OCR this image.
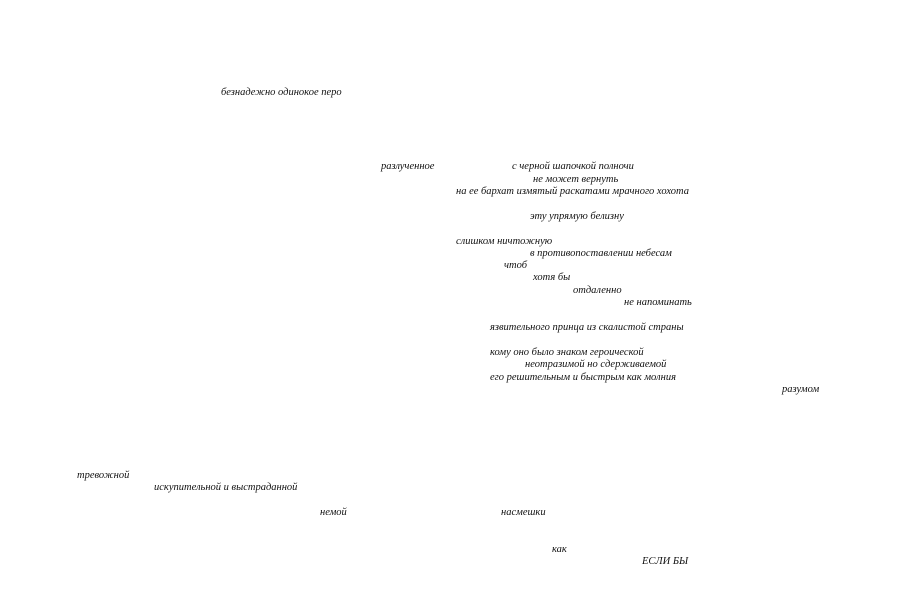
безнадежно одинокое перо
разлученное	с черной шапочкой полночи
не может вернуть
на ее бархат измятый раскатами мрачного хохота
эту упрямую белизну
слишком ничтожную
в противопоставлении небесам
чтоб
хотя бы
отдаленно
не напоминать
язвительного принца из скалистой страны
кому оно было знаком героической
неотразимой но сдерживаемой
его решительным и быстрым как молния
разумом
тревожной
искупительной и выстраданной
немой	насмешки
как
ЕСЛИ БЫ
